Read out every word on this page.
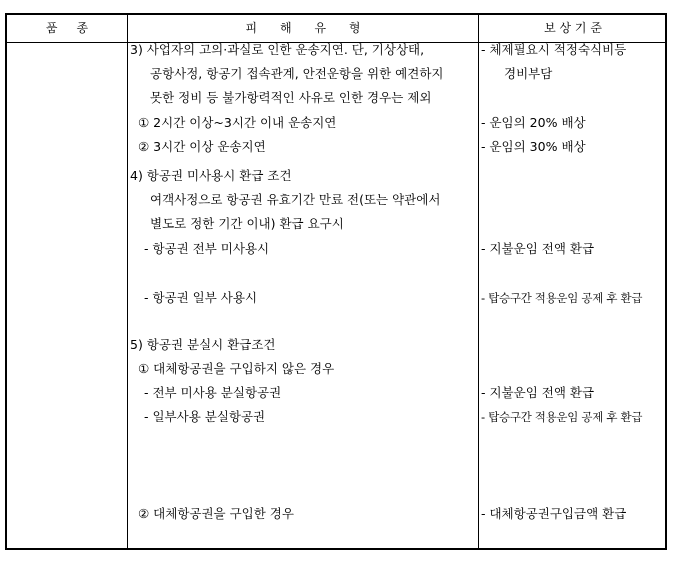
품     종	피      해      유      형	보 상 기 준
3) 사업자의 고의·과실로 인한 운송지연. 단, 기상상태,
공항사정, 항공기 접속관계, 안전운항을 위한 예견하지
못한 정비 등 불가항력적인 사유로 인한 경우는 제외
① 2시간 이상~3시간 이내 운송지연
② 3시간 이상 운송지연
4) 항공권 미사용시 환급 조건
여객사정으로 항공권 유효기간 만료 전(또는 약관에서
별도로 정한 기간 이내) 환급 요구시
- 항공권 전부 미사용시
- 항공권 일부 사용시
5) 항공권 분실시 환급조건
① 대체항공권을 구입하지 않은 경우
- 전부 미사용 분실항공권
- 일부사용 분실항공권
② 대체항공권을 구입한 경우
- 체제필요시 적정숙식비등
경비부담
- 운임의 20% 배상
- 운임의 30% 배상
- 지불운임 전액 환급
- 탑승구간 적용운임 공제 후 환급
- 지불운임 전액 환급
- 탑승구간 적용운임 공제 후 환급
- 대체항공권구입금액 환급
